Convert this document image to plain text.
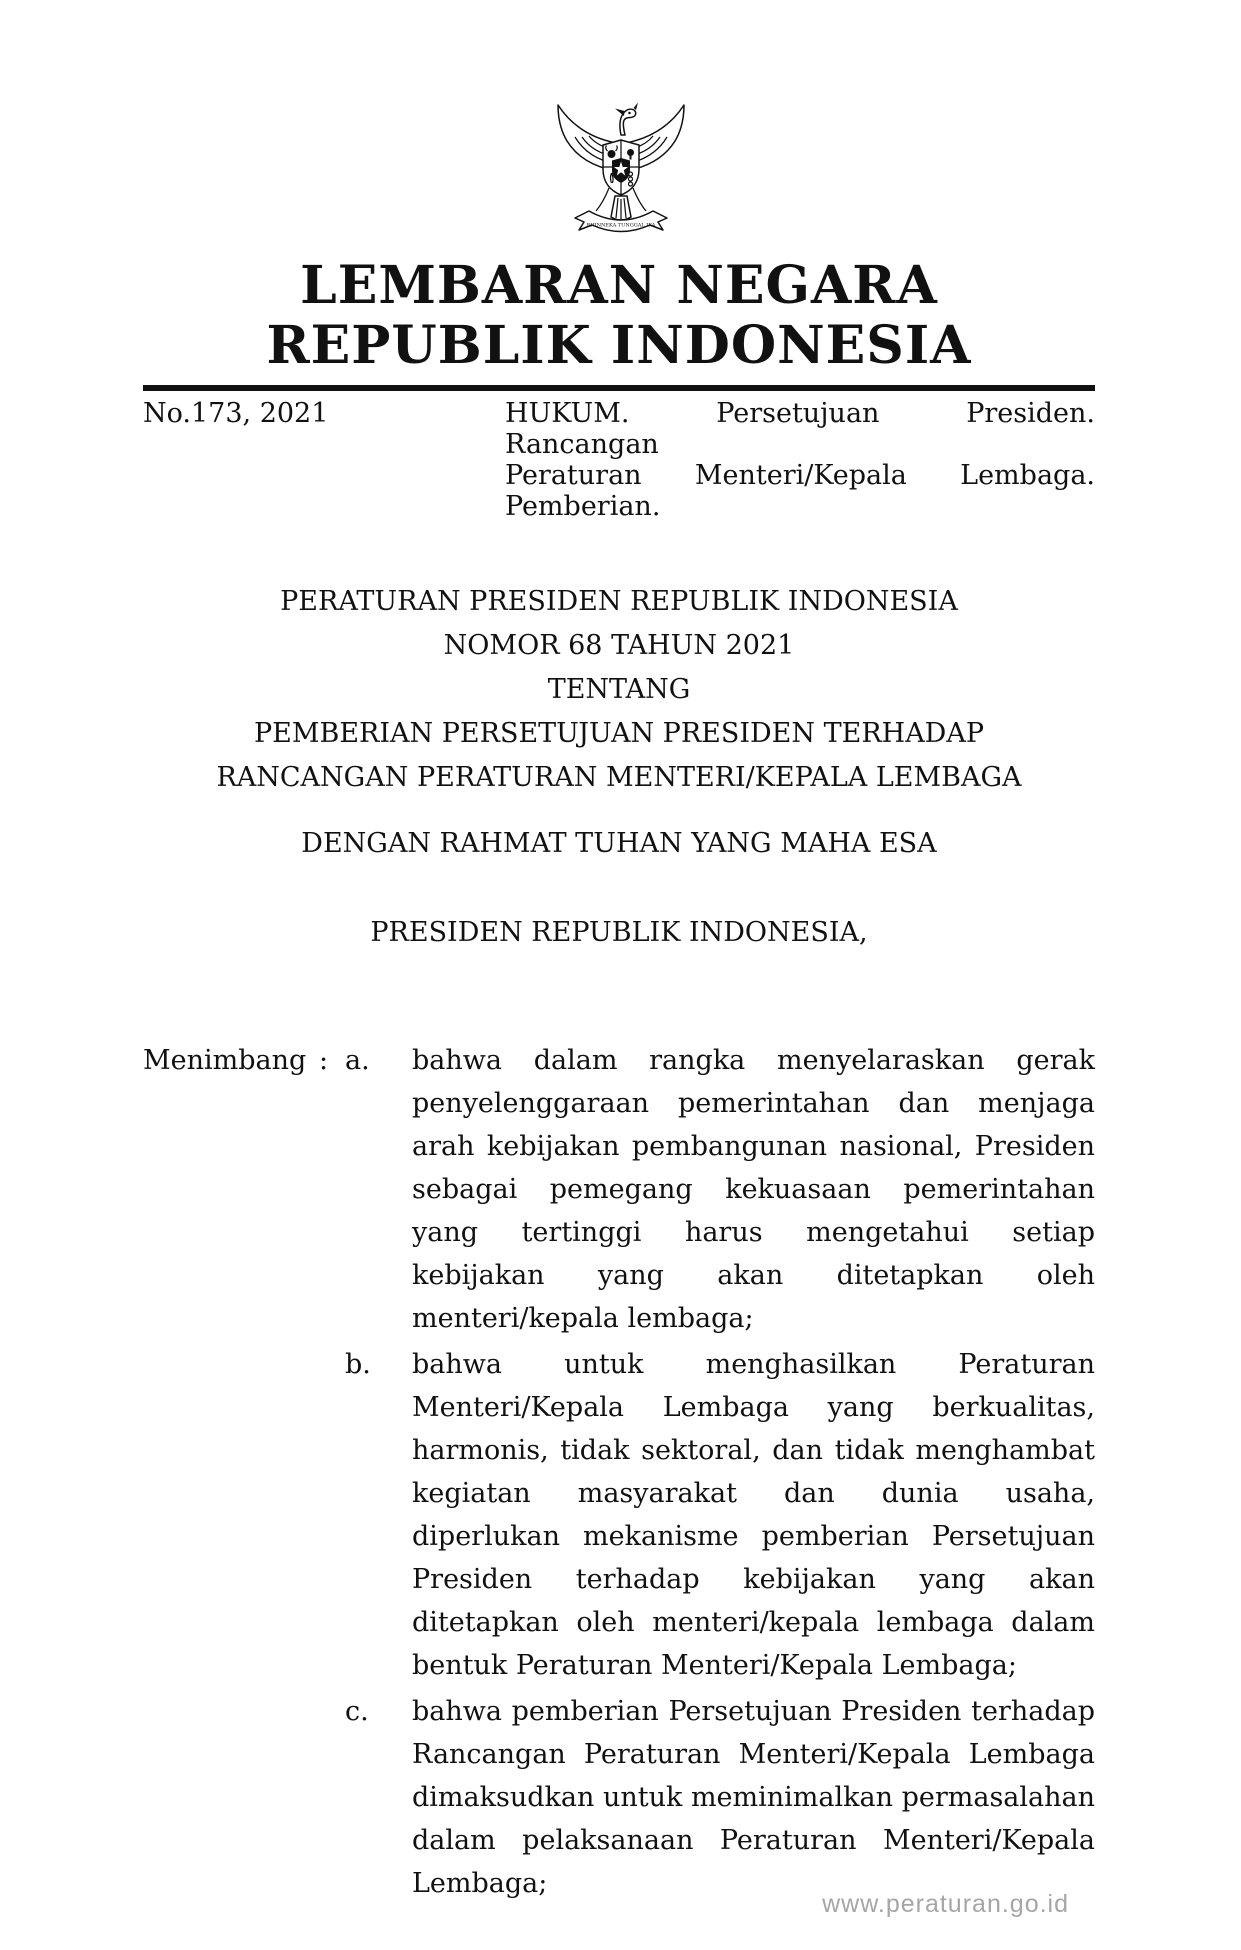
BHINNEKA TUNGGAL IKA
LEMBARAN NEGARA
REPUBLIK INDONESIA
No.173, 2021	HUKUM. Persetujuan Presiden. Rancangan
Peraturan Menteri/Kepala Lembaga.
Pemberian.
PERATURAN PRESIDEN REPUBLIK INDONESIA
NOMOR 68 TAHUN 2021
TENTANG
PEMBERIAN PERSETUJUAN PRESIDEN TERHADAP
RANCANGAN PERATURAN MENTERI/KEPALA LEMBAGA
DENGAN RAHMAT TUHAN YANG MAHA ESA
PRESIDEN REPUBLIK INDONESIA,
Menimbang : a.	bahwa dalam rangka menyelaraskan gerak penyelenggaraan pemerintahan dan menjaga arah kebijakan pembangunan nasional, Presiden sebagai pemegang kekuasaan pemerintahan yang tertinggi harus mengetahui setiap kebijakan yang akan ditetapkan oleh menteri/kepala lembaga;
b.	bahwa untuk menghasilkan Peraturan Menteri/Kepala Lembaga yang berkualitas, harmonis, tidak sektoral, dan tidak menghambat kegiatan masyarakat dan dunia usaha, diperlukan mekanisme pemberian Persetujuan Presiden terhadap kebijakan yang akan ditetapkan oleh menteri/kepala lembaga dalam bentuk Peraturan Menteri/Kepala Lembaga;
c.	bahwa pemberian Persetujuan Presiden terhadap Rancangan Peraturan Menteri/Kepala Lembaga dimaksudkan untuk meminimalkan permasalahan dalam pelaksanaan Peraturan Menteri/Kepala Lembaga;
www.peraturan.go.id
